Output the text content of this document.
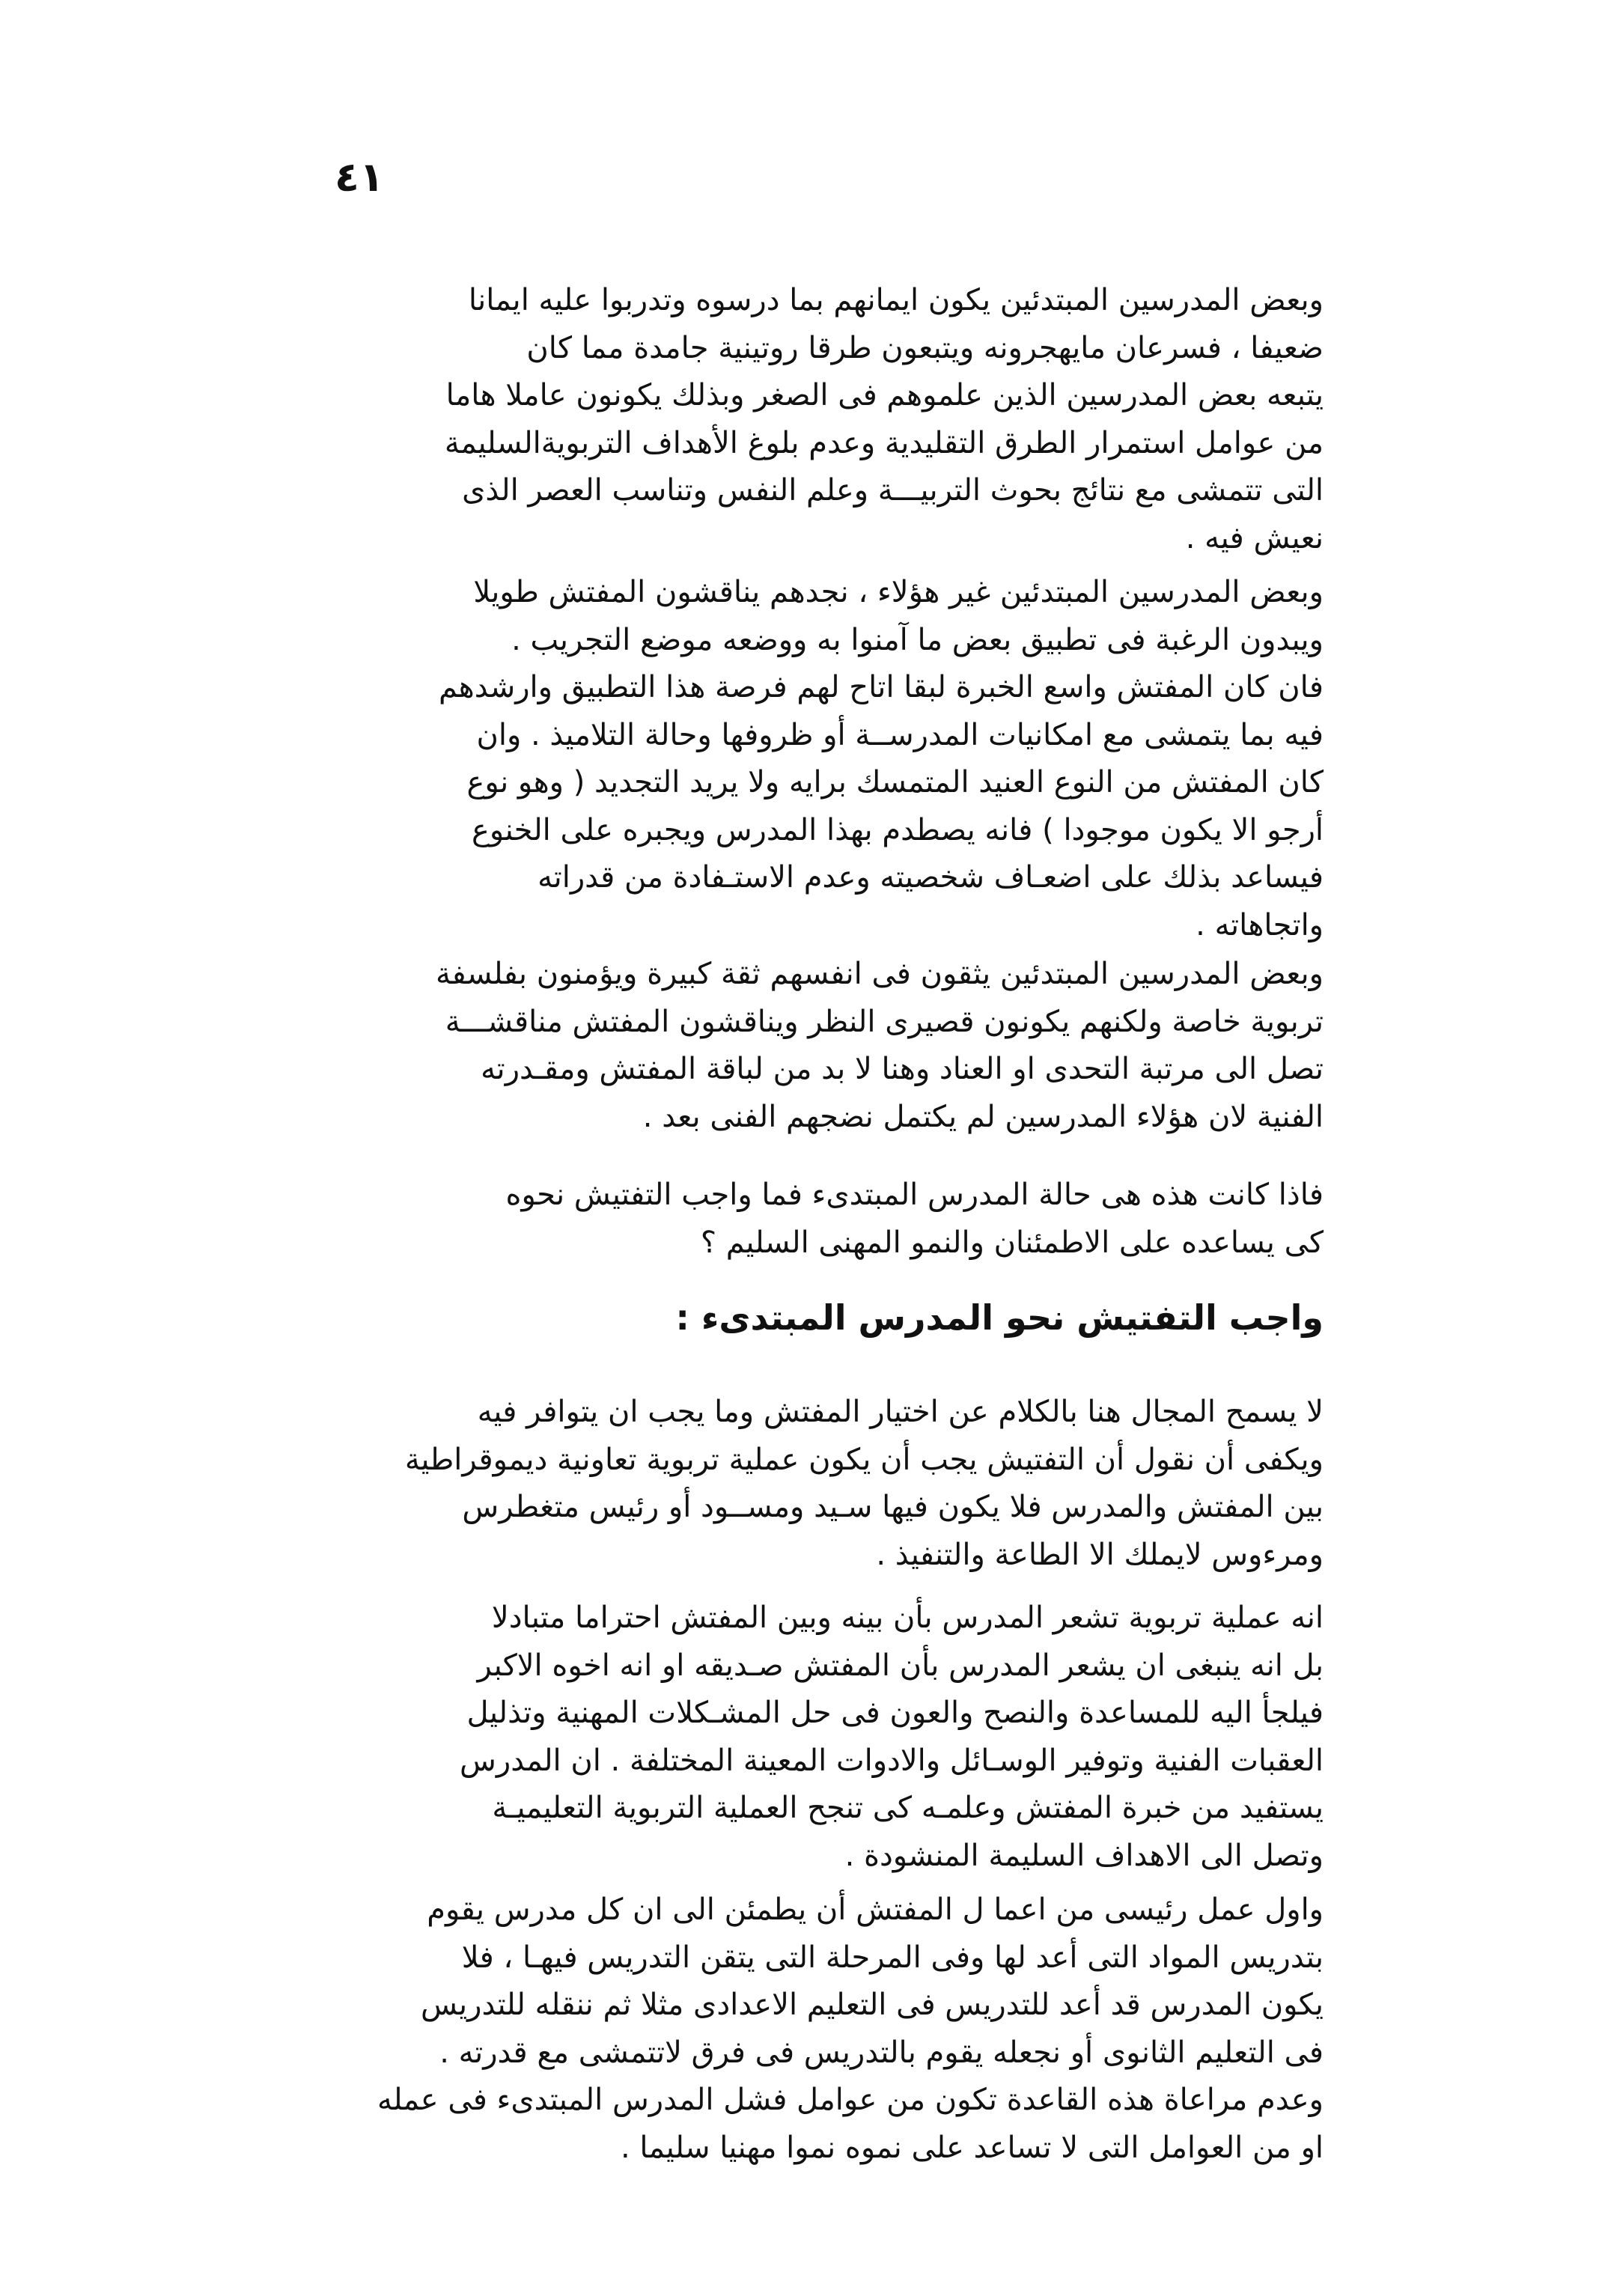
٤١

وبعض المدرسين المبتدئين يكون ايمانهم بما درسوه وتدربوا عليه ايمانا
ضعيفا ، فسرعان مايهجرونه ويتبعون طرقا روتينية جامدة مما كان
يتبعه بعض المدرسين الذين علموهم فى الصغر وبذلك يكونون عاملا هاما
من عوامل استمرار الطرق التقليدية وعدم بلوغ الأهداف التربويةالسليمة
التى تتمشى مع نتائج بحوث التربيـــة وعلم النفس وتناسب العصر الذى
نعيش فيه .

وبعض المدرسين المبتدئين غير هؤلاء ، نجدهم يناقشون المفتش طويلا
ويبدون الرغبة فى تطبيق بعض ما آمنوا به ووضعه موضع التجريب .
فان كان المفتش واسع الخبرة لبقا اتاح لهم فرصة هذا التطبيق وارشدهم
فيه بما يتمشى مع امكانيات المدرســة أو ظروفها وحالة التلاميذ . وان
كان المفتش من النوع العنيد المتمسك برايه ولا يريد التجديد ( وهو نوع
أرجو الا يكون موجودا ) فانه يصطدم بهذا المدرس ويجبره على الخنوع
فيساعد بذلك على اضعـاف شخصيته وعدم الاستـفادة من قدراته
واتجاهاته .

وبعض المدرسين المبتدئين يثقون فى انفسهم ثقة كبيرة ويؤمنون بفلسفة
تربوية خاصة ولكنهم يكونون قصيرى النظر ويناقشون المفتش مناقشـــة
تصل الى مرتبة التحدى او العناد وهنا لا بد من لباقة المفتش ومقـدرته
الفنية لان هؤلاء المدرسين لم يكتمل نضجهم الفنى بعد .

فاذا كانت هذه هى حالة المدرس المبتدىء فما واجب التفتيش نحوه
كى يساعده على الاطمئنان والنمو المهنى السليم ؟

واجب التفتيش نحو المدرس المبتدىء :

لا يسمح المجال هنا بالكلام عن اختيار المفتش وما يجب ان يتوافر فيه
ويكفى أن نقول أن التفتيش يجب أن يكون عملية تربوية تعاونية ديموقراطية
بين المفتش والمدرس فلا يكون فيها سـيد ومســود أو رئيس متغطرس
ومرءوس لايملك الا الطاعة والتنفيذ .

انه عملية تربوية تشعر المدرس بأن بينه وبين المفتش احتراما متبادلا
بل انه ينبغى ان يشعر المدرس بأن المفتش صـديقه او انه اخوه الاكبر
فيلجأ اليه للمساعدة والنصح والعون فى حل المشـكلات المهنية وتذليل
العقبات الفنية وتوفير الوسـائل والادوات المعينة المختلفة . ان المدرس
يستفيد من خبرة المفتش وعلمـه كى تنجح العملية التربوية التعليميـة
وتصل الى الاهداف السليمة المنشودة .

واول عمل رئيسى من اعما ل المفتش أن يطمئن الى ان كل مدرس يقوم
بتدريس المواد التى أعد لها وفى المرحلة التى يتقن التدريس فيهـا ، فلا
يكون المدرس قد أعد للتدريس فى التعليم الاعدادى مثلا ثم ننقله للتدريس
فى التعليم الثانوى أو نجعله يقوم بالتدريس فى فرق لاتتمشى مع قدرته .
وعدم مراعاة هذه القاعدة تكون من عوامل فشل المدرس المبتدىء فى عمله
او من العوامل التى لا تساعد على نموه نموا مهنيا سليما .
